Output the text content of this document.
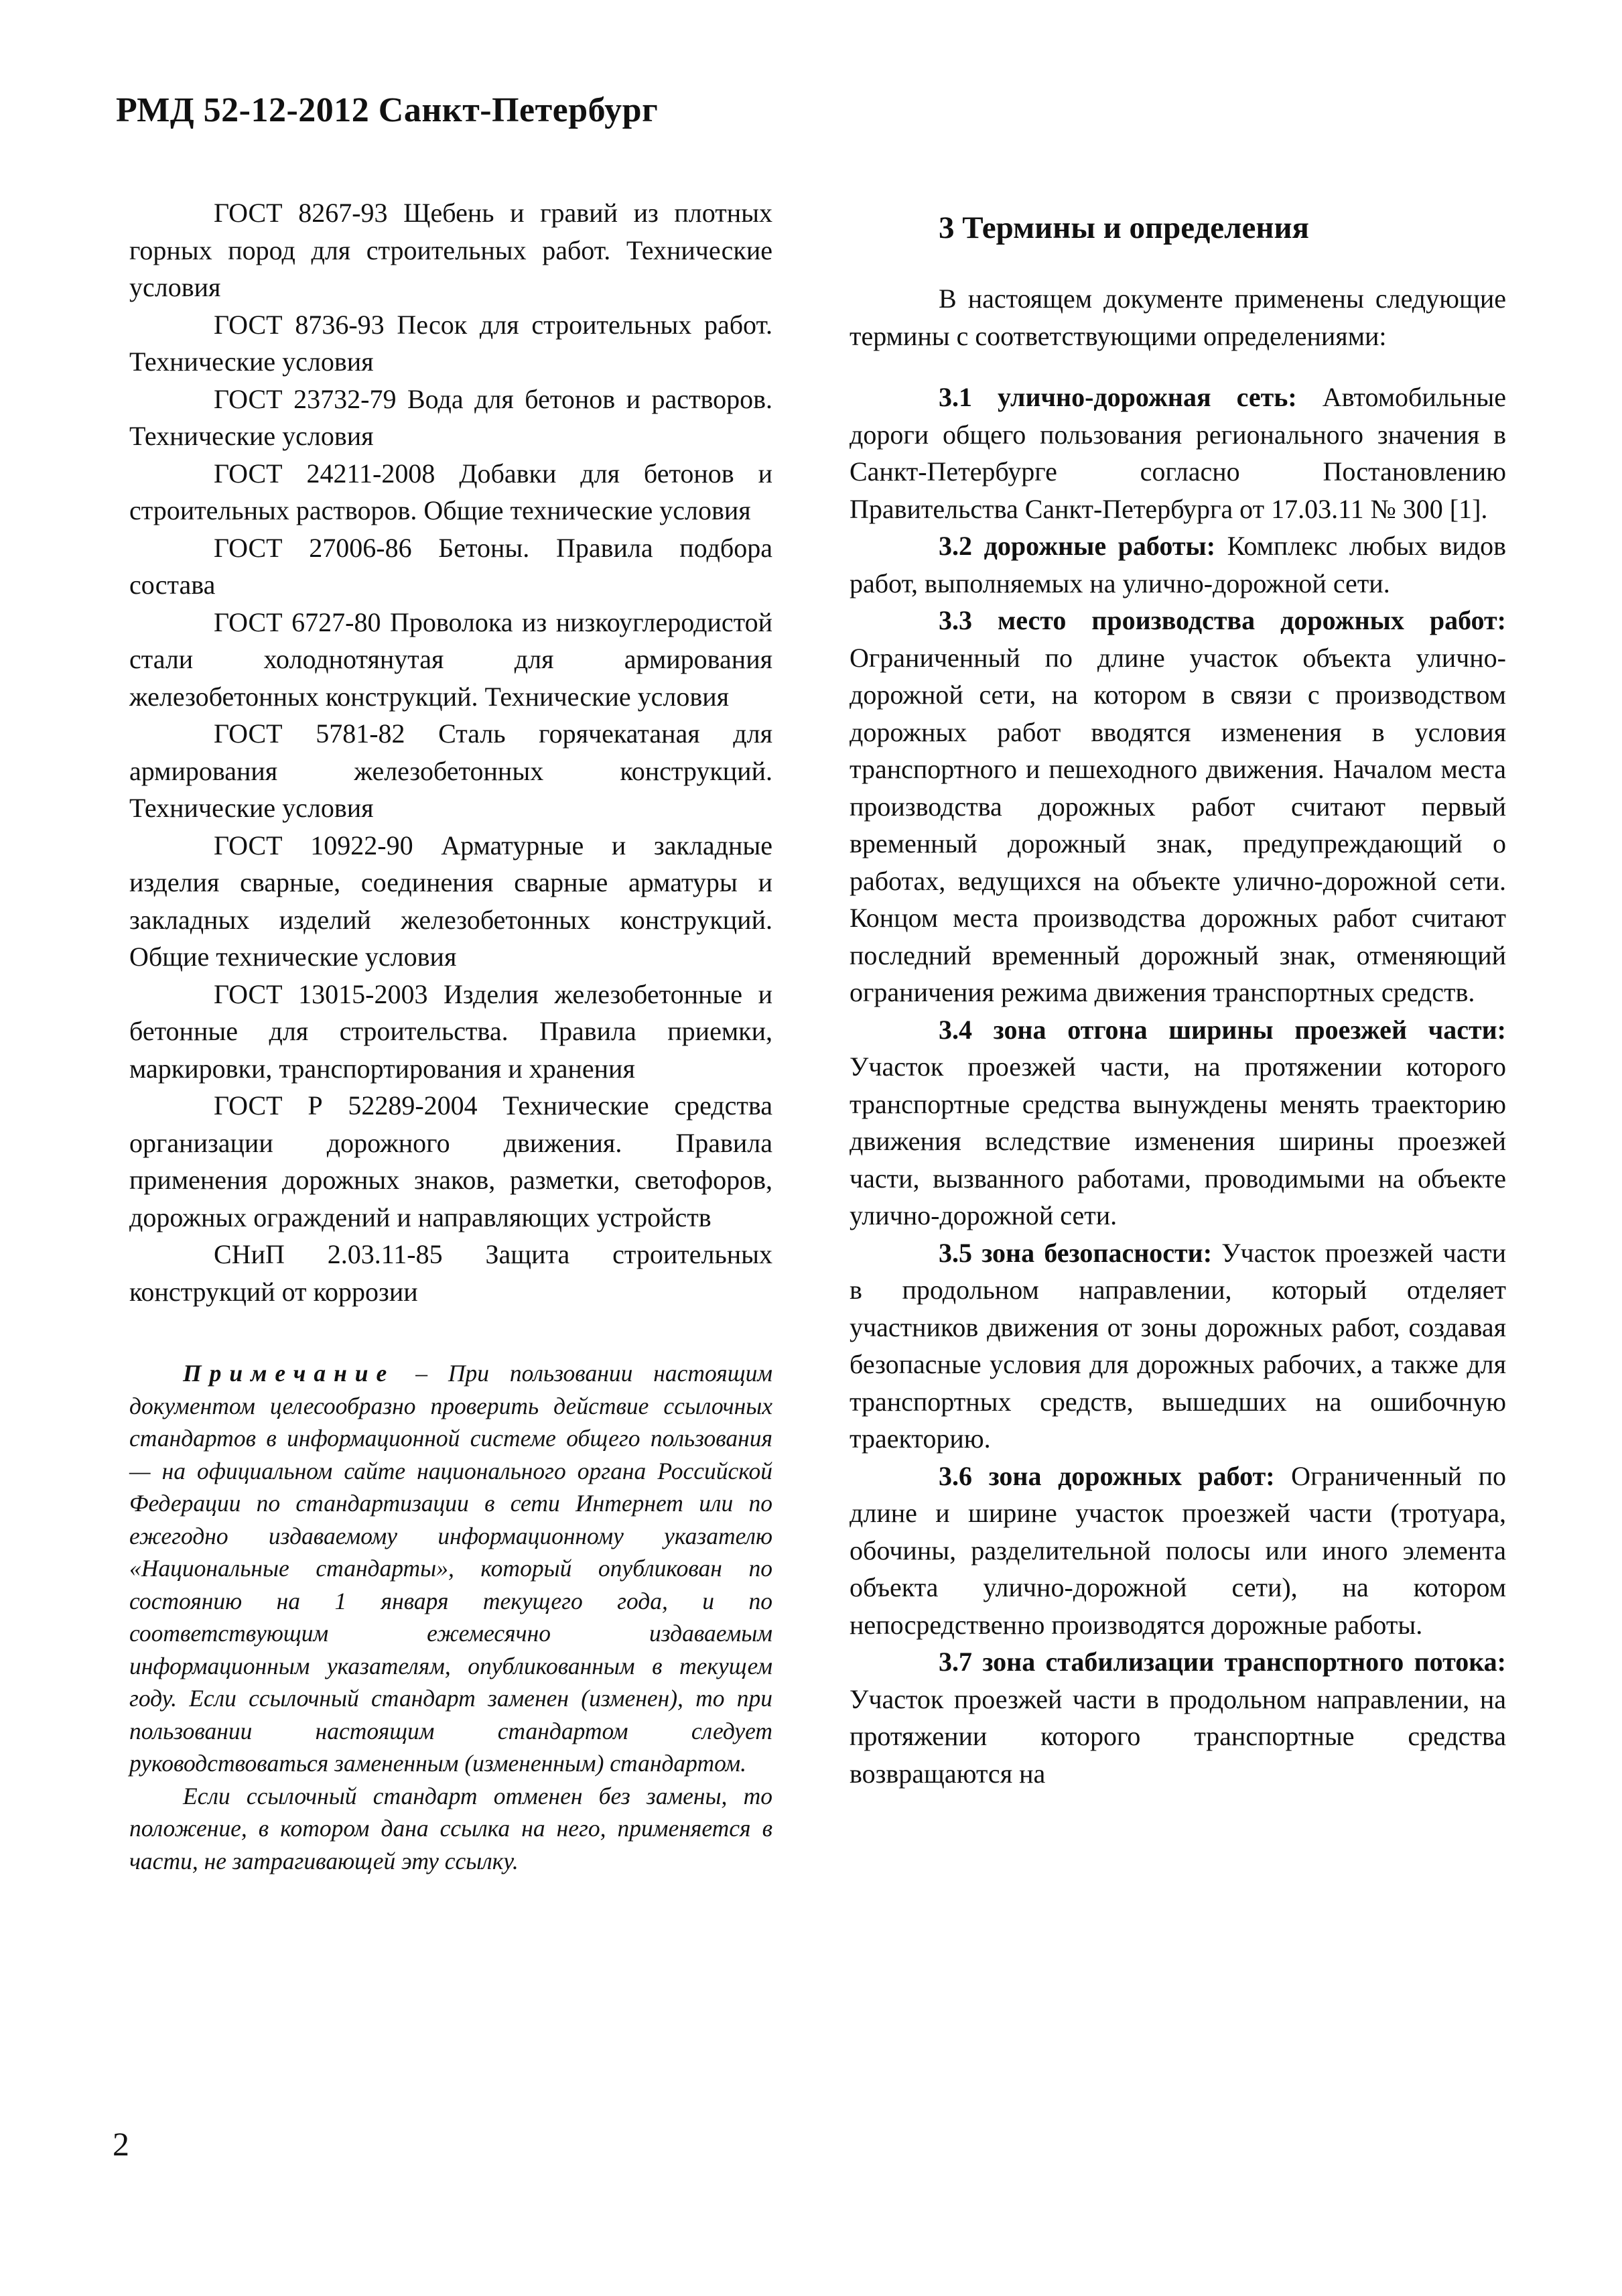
РМД 52-12-2012 Санкт-Петербург

ГОСТ 8267-93 Щебень и гравий из плотных горных пород для строительных работ. Технические условия

ГОСТ 8736-93 Песок для строительных работ. Технические условия

ГОСТ 23732-79 Вода для бетонов и растворов. Технические условия

ГОСТ 24211-2008 Добавки для бетонов и строительных растворов. Общие технические условия

ГОСТ 27006-86 Бетоны. Правила подбора состава

ГОСТ 6727-80 Проволока из низкоуглеродистой стали холоднотянутая для армирования железобетонных конструкций. Технические условия

ГОСТ 5781-82 Сталь горячекатаная для армирования железобетонных конструкций. Технические условия

ГОСТ 10922-90 Арматурные и закладные изделия сварные, соединения сварные арматуры и закладных изделий железобетонных конструкций. Общие технические условия

ГОСТ 13015-2003 Изделия железобетонные и бетонные для строительства. Правила приемки, маркировки, транспортирования и хранения

ГОСТ Р 52289-2004 Технические средства организации дорожного движения. Правила применения дорожных знаков, разметки, светофоров, дорожных ограждений и направляющих устройств

СНиП 2.03.11-85 Защита строительных конструкций от коррозии

Примечание – При пользовании настоящим документом целесообразно проверить действие ссылочных стандартов в информационной системе общего пользования — на официальном сайте национального органа Российской Федерации по стандартизации в сети Интернет или по ежегодно издаваемому информационному указателю «Национальные стандарты», который опубликован по состоянию на 1 января текущего года, и по соответствующим ежемесячно издаваемым информационным указателям, опубликованным в текущем году. Если ссылочный стандарт заменен (изменен), то при пользовании настоящим стандартом следует руководствоваться замененным (измененным) стандартом.

Если ссылочный стандарт отменен без замены, то положение, в котором дана ссылка на него, применяется в части, не затрагивающей эту ссылку.

3 Термины и определения

В настоящем документе применены следующие термины с соответствующими определениями:

3.1 улично-дорожная сеть: Автомобильные дороги общего пользования регионального значения в Санкт-Петербурге согласно Постановлению Правительства Санкт-Петербурга от 17.03.11 № 300 [1].

3.2 дорожные работы: Комплекс любых видов работ, выполняемых на улично-дорожной сети.

3.3 место производства дорожных работ: Ограниченный по длине участок объекта улично-дорожной сети, на котором в связи с производством дорожных работ вводятся изменения в условия транспортного и пешеходного движения. Началом места производства дорожных работ считают первый временный дорожный знак, предупреждающий о работах, ведущихся на объекте улично-дорожной сети. Концом места производства дорожных работ считают последний временный дорожный знак, отменяющий ограничения режима движения транспортных средств.

3.4 зона отгона ширины проезжей части: Участок проезжей части, на протяжении которого транспортные средства вынуждены менять траекторию движения вследствие изменения ширины проезжей части, вызванного работами, проводимыми на объекте улично-дорожной сети.

3.5 зона безопасности: Участок проезжей части в продольном направлении, который отделяет участников движения от зоны дорожных работ, создавая безопасные условия для дорожных рабочих, а также для транспортных средств, вышедших на ошибочную траекторию.

3.6 зона дорожных работ: Ограниченный по длине и ширине участок проезжей части (тротуара, обочины, разделительной полосы или иного элемента объекта улично-дорожной сети), на котором непосредственно производятся дорожные работы.

3.7 зона стабилизации транспортного потока: Участок проезжей части в продольном направлении, на протяжении которого транспортные средства возвращаются на

2
